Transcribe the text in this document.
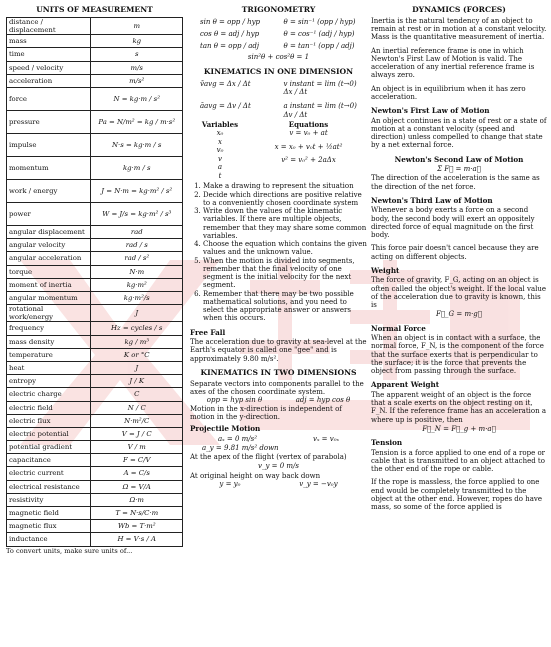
UNITS OF MEASUREMENT
distance / displacement	m
mass	kg
time	s
speed / velocity	m/s
acceleration	m/s²
force	N = kg·m / s²
pressure	Pa = N/m² = kg / m·s²
impulse	N·s = kg·m / s
momentum	kg·m / s
work / energy	J = N·m = kg·m² / s²
power	W = J/s = kg·m² / s³
angular displacement	rad
angular velocity	rad / s
angular acceleration	rad / s²
torque	N·m
moment of inertia	kg·m²
angular momentum	kg·m²/s
rotational work/energy	J
frequency	Hz = cycles / s
mass density	kg / m³
temperature	K or °C
heat	J
entropy	J / K
electric charge	C
electric field	N / C
electric flux	N·m²/C
electric potential	V = J / C
potential gradient	V / m
capacitance	F = C/V
electric current	A = C/s
electrical resistance	Ω = V/A
resistivity	Ω·m
magnetic field	T = N·s/C·m
magnetic flux	Wb = T·m²
inductance	H = V·s / A
To convert units, make sure units of...
TRIGONOMETRY
sin θ = opp / hyp	θ = sin⁻¹ (opp / hyp)
cos θ = adj / hyp	θ = cos⁻¹ (adj / hyp)
tan θ = opp / adj	θ = tan⁻¹ (opp / adj)
sin²θ + cos²θ = 1
KINEMATICS IN ONE DIMENSION
v̄avg = Δx / Δt	v instant = lim (t→0) Δx / Δt
āavg = Δv / Δt	a instant = lim (t→0) Δv / Δt
Variables	Equations
x₀
x
v₀
v
a
t
v = v₀ + at
x = x₀ + v₀t + ½at²
v² = v₀² + 2aΔx
1. Make a drawing to represent the situation
2. Decide which directions are positive relative to a conveniently chosen coordinate system
3. Write down the values of the kinematic variables. If there are multiple objects, remember that they may share some common variables.
4. Choose the equation which contains the given values and the unknown value.
5. When the motion is divided into segments, remember that the final velocity of one segment is the initial velocity for the next segment.
6. Remember that there may be two possible mathematical solutions, and you need to select the appropriate answer or answers when this occurs.
Free Fall

The acceleration due to gravity at sea-level at the Earth's equator is called one "gee" and is approximately 9.80 m/s².

KINEMATICS IN TWO DIMENSIONS

Separate vectors into components parallel to the axes of the chosen coordinate system.

opp = hyp sin θ	adj = hyp cos θ

Motion in the x-direction is independent of motion in the y-direction.

Projectile Motion
aₓ = 0 m/s²	vₓ = v₀ₓ
a_y = 9.81 m/s² down

At the apex of the flight (vertex of parabola)

v_y = 0 m/s

At original height on way back down

y = y₀	v_y = −v₀y
DYNAMICS (FORCES)

Inertia is the natural tendency of an object to remain at rest or in motion at a constant velocity. Mass is the quantitative measurement of inertia.

An inertial reference frame is one in which Newton's First Law of Motion is valid. The acceleration of any inertial reference frame is always zero.

An object is in equilibrium when it has zero acceleration.

Newton's First Law of Motion

An object continues in a state of rest or a state of motion at a constant velocity (speed and direction) unless compelled to change that state by a net external force.

Newton's Second Law of Motion
Σ F⃗ = m·a⃗

The direction of the acceleration is the same as the direction of the net force.

Newton's Third Law of Motion

Whenever a body exerts a force on a second body, the second body will exert an oppositely directed force of equal magnitude on the first body.

This force pair doesn't cancel because they are acting on different objects.

Weight

The force of gravity, F_G, acting on an object is often called the object's weight. If the local value of the acceleration due to gravity is known, this is

F⃗_G = m·g⃗
Normal Force

When an object is in contact with a surface, the normal force, F_N, is the component of the force that the surface exerts that is perpendicular to the surface; it is the force that prevents the object from passing through the surface.

Apparent Weight

The apparent weight of an object is the force that a scale exerts on the object resting on it, F_N. If the reference frame has an acceleration a where up is positive, then

F⃗_N = F⃗_g + m·a⃗
Tension

Tension is a force applied to one end of a rope or cable that is transmitted to an object attached to the other end of the rope or cable.

If the rope is massless, the force applied to one end would be completely transmitted to the object at the other end. However, ropes do have mass, so some of the force applied is
